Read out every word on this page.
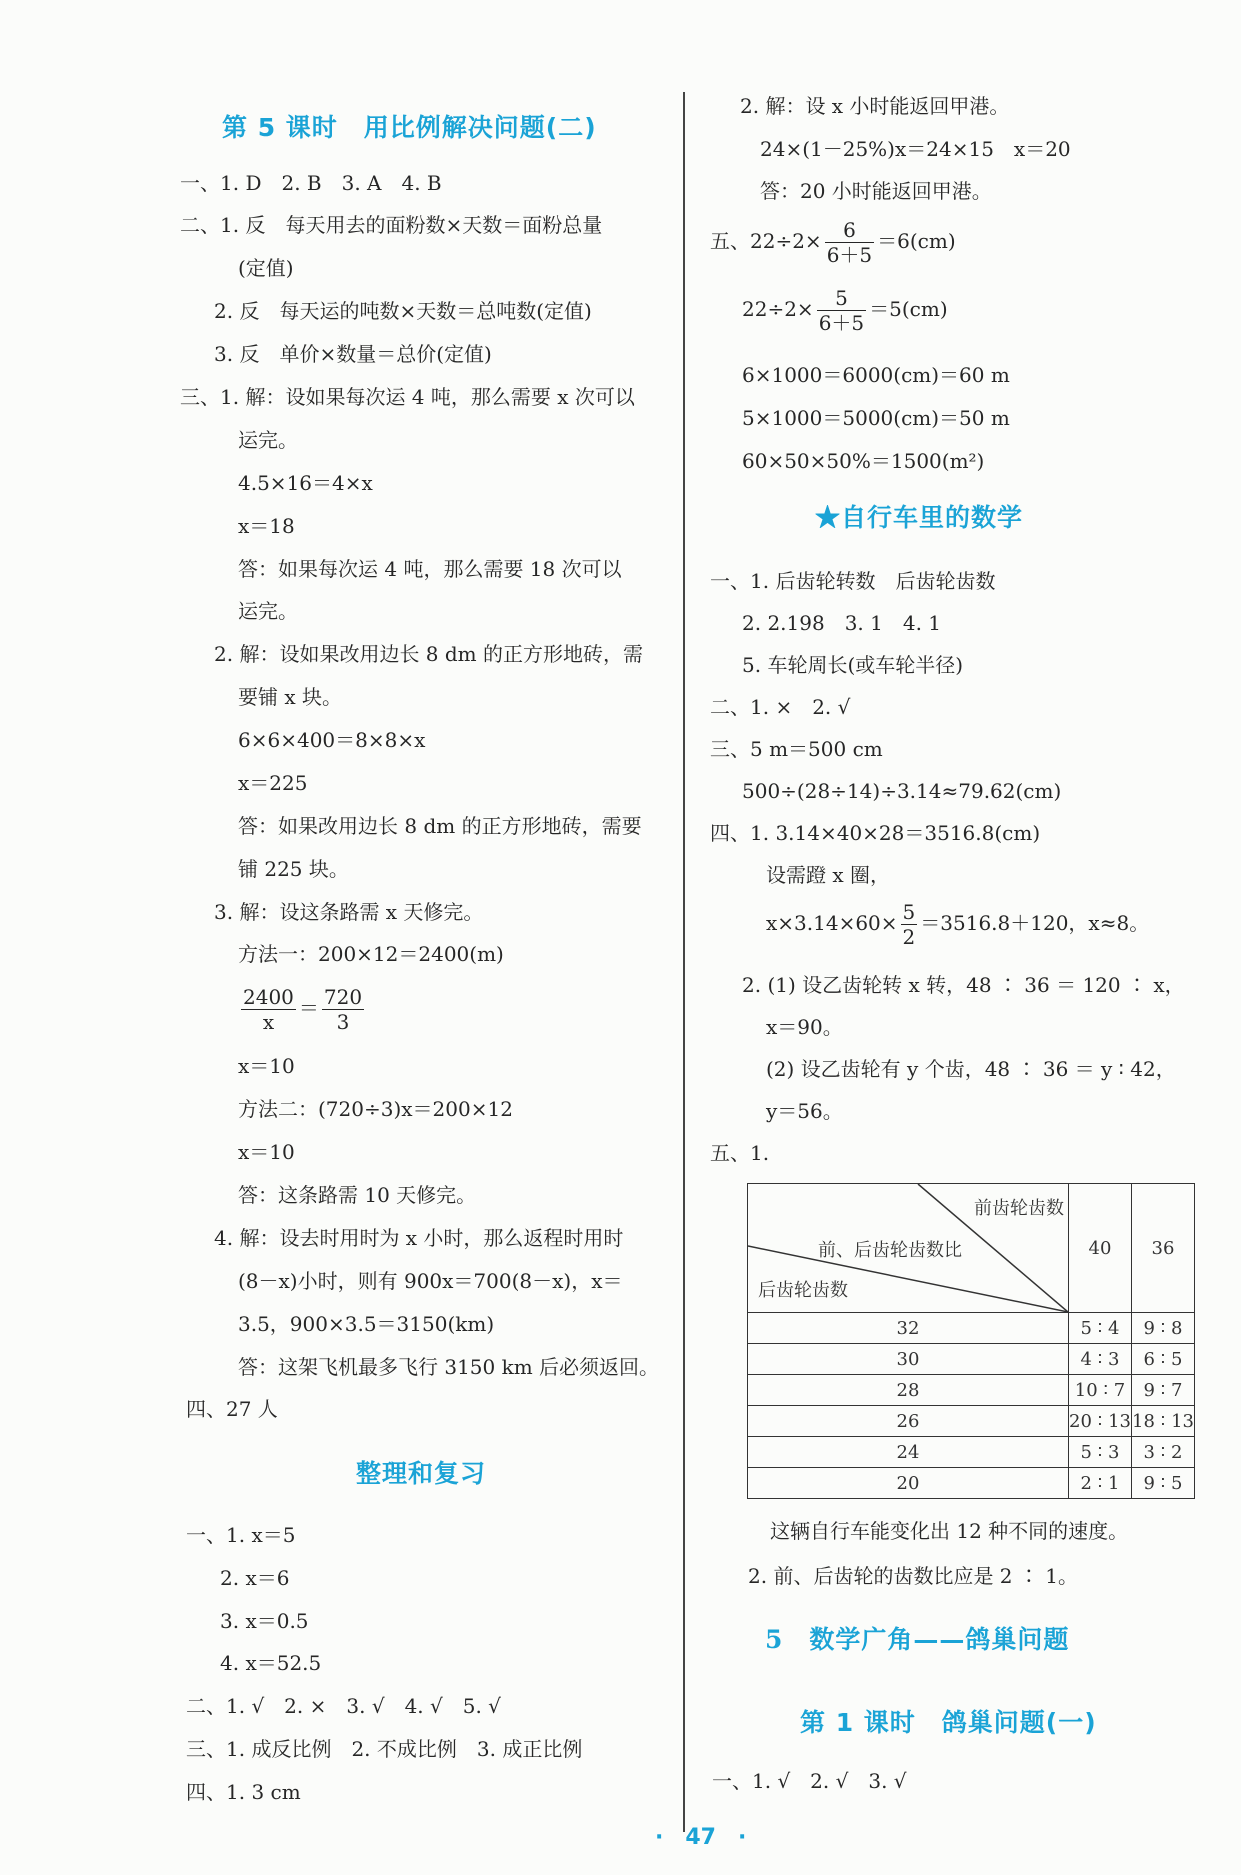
第 5 课时　用比例解决问题(二)
一、1. D　2. B　3. A　4. B
二、1. 反　每天用去的面粉数×天数＝面粉总量
(定值)
2. 反　每天运的吨数×天数＝总吨数(定值)
3. 反　单价×数量＝总价(定值)
三、1. 解：设如果每次运 4 吨，那么需要 x 次可以
运完。
4.5×16＝4×x
x＝18
答：如果每次运 4 吨，那么需要 18 次可以
运完。
2. 解：设如果改用边长 8 dm 的正方形地砖，需
要铺 x 块。
6×6×400＝8×8×x
x＝225
答：如果改用边长 8 dm 的正方形地砖，需要
铺 225 块。
3. 解：设这条路需 x 天修完。
方法一：200×12＝2400(m)
$\frac{2400}{x} = \frac{720}{3}$
x＝10
方法二：(720÷3)x＝200×12
x＝10
答：这条路需 10 天修完。
4. 解：设去时用时为 x 小时，那么返程时用时
(8－x)小时，则有 900x＝700(8－x)，x＝
3.5，900×3.5＝3150(km)
答：这架飞机最多飞行 3150 km 后必须返回。
四、27 人
整理和复习
一、1. x＝5
2. x＝6
3. x＝0.5
4. x＝52.5
二、1. √　2. ×　3. √　4. √　5. √
三、1. 成反比例　2. 不成比例　3. 成正比例
四、1. 3 cm
2. 解：设 x 小时能返回甲港。
24×(1－25%)x＝24×15　x＝20
答：20 小时能返回甲港。
五、$22\div 2\times \frac{6}{6+5} =6(cm)$
$22\div 2\times \frac{5}{6+5} =5(cm)$
6×1000＝6000(cm)＝60 m
5×1000＝5000(cm)＝50 m
60×50×50%＝1500(m²)
★自行车里的数学
一、1. 后齿轮转数　后齿轮齿数
2. 2.198　3. 1　4. 1
5. 车轮周长(或车轮半径)
二、1. ×　2. √
三、5 m＝500 cm
500÷(28÷14)÷3.14≈79.62(cm)
四、1. 3.14×40×28＝3516.8(cm)
设需蹬 x 圈，
$x\times 3.14\times 60\times \frac{5}{2} =3516.8+120$，x≈8。
2. (1) 设乙齿轮转 x 转，48 ∶ 36 ＝ 120 ∶ x，
x＝90。
(2) 设乙齿轮有 y 个齿，48 ∶ 36 ＝ y ∶ 42，
y＝56。
五、1.
前齿轮齿数
前、后齿轮齿数比
后齿轮齿数	40	36
32	5 ∶ 4	9 ∶ 8
30	4 ∶ 3	6 ∶ 5
28	10 ∶ 7	9 ∶ 7
26	20 ∶ 13	18 ∶ 13
24	5 ∶ 3	3 ∶ 2
20	2 ∶ 1	9 ∶ 5
这辆自行车能变化出 12 种不同的速度。
2. 前、后齿轮的齿数比应是 2 ∶ 1。
5　数学广角——鸽巢问题
第 1 课时　鸽巢问题(一)
一、1. √　2. √　3. √
·　47　·
